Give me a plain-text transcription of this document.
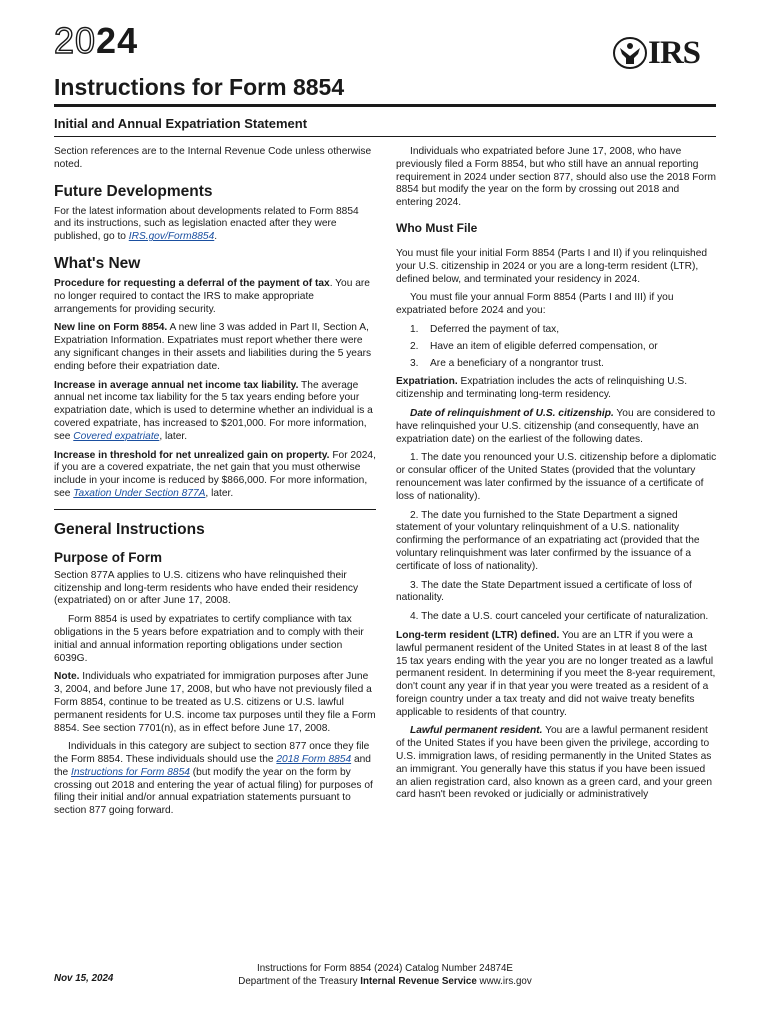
2024	IRS
Instructions for Form 8854
Initial and Annual Expatriation Statement

Section references are to the Internal Revenue Code unless otherwise noted.

Future Developments

For the latest information about developments related to Form 8854 and its instructions, such as legislation enacted after they were published, go to IRS.gov/Form8854.

What's New

Procedure for requesting a deferral of the payment of tax. You are no longer required to contact the IRS to make appropriate arrangements for providing security.

New line on Form 8854. A new line 3 was added in Part II, Section A, Expatriation Information. Expatriates must report whether there were any significant changes in their assets and liabilities during the 5 years ending before their expatriation date.

Increase in average annual net income tax liability. The average annual net income tax liability for the 5 tax years ending before your expatriation date, which is used to determine whether an individual is a covered expatriate, has increased to $201,000. For more information, see Covered expatriate, later.

Increase in threshold for net unrealized gain on property. For 2024, if you are a covered expatriate, the net gain that you must otherwise include in your income is reduced by $866,000. For more information, see Taxation Under Section 877A, later.

General Instructions
Purpose of Form

Section 877A applies to U.S. citizens who have relinquished their citizenship and long-term residents who have ended their residency (expatriated) on or after June 17, 2008.

Form 8854 is used by expatriates to certify compliance with tax obligations in the 5 years before expatriation and to comply with their initial and annual information reporting obligations under section 6039G.

Note. Individuals who expatriated for immigration purposes after June 3, 2004, and before June 17, 2008, but who have not previously filed a Form 8854, continue to be treated as U.S. citizens or U.S. lawful permanent residents for U.S. income tax purposes until they file a Form 8854. See section 7701(n), as in effect before June 17, 2008.

Individuals in this category are subject to section 877 once they file the Form 8854. These individuals should use the 2018 Form 8854 and the Instructions for Form 8854 (but modify the year on the form by crossing out 2018 and entering the year of actual filing) for purposes of filing their initial and/or annual expatriation statements pursuant to section 877 going forward.

Individuals who expatriated before June 17, 2008, who have previously filed a Form 8854, but who still have an annual reporting requirement in 2024 under section 877, should also use the 2018 Form 8854 but modify the year on the form by crossing out 2018 and entering 2024.

Who Must File

You must file your initial Form 8854 (Parts I and II) if you relinquished your U.S. citizenship in 2024 or you are a long-term resident (LTR), defined below, and terminated your residency in 2024.

You must file your annual Form 8854 (Parts I and III) if you expatriated before 2024 and you:

1. Deferred the payment of tax,
2. Have an item of eligible deferred compensation, or
3. Are a beneficiary of a nongrantor trust.

Expatriation. Expatriation includes the acts of relinquishing U.S. citizenship and terminating long-term residency.

Date of relinquishment of U.S. citizenship. You are considered to have relinquished your U.S. citizenship (and consequently, have an expatriation date) on the earliest of the following dates.

1. The date you renounced your U.S. citizenship before a diplomatic or consular officer of the United States (provided that the voluntary renouncement was later confirmed by the issuance of a certificate of loss of nationality).

2. The date you furnished to the State Department a signed statement of your voluntary relinquishment of a U.S. nationality confirming the performance of an expatriating act (provided that the voluntary relinquishment was later confirmed by the issuance of a certificate of loss of nationality).

3. The date the State Department issued a certificate of loss of nationality.

4. The date a U.S. court canceled your certificate of naturalization.

Long-term resident (LTR) defined. You are an LTR if you were a lawful permanent resident of the United States in at least 8 of the last 15 tax years ending with the year you are no longer treated as a lawful permanent resident. In determining if you meet the 8-year requirement, don't count any year if in that year you were treated as a resident of a foreign country under a tax treaty and did not waive treaty benefits applicable to residents of that country.

Lawful permanent resident. You are a lawful permanent resident of the United States if you have been given the privilege, according to U.S. immigration laws, of residing permanently in the United States as an immigrant. You generally have this status if you have been issued an alien registration card, also known as a green card, and your green card hasn't been revoked or judicially or administratively

Nov 15, 2024
Instructions for Form 8854 (2024) Catalog Number 24874E
Department of the Treasury Internal Revenue Service www.irs.gov
